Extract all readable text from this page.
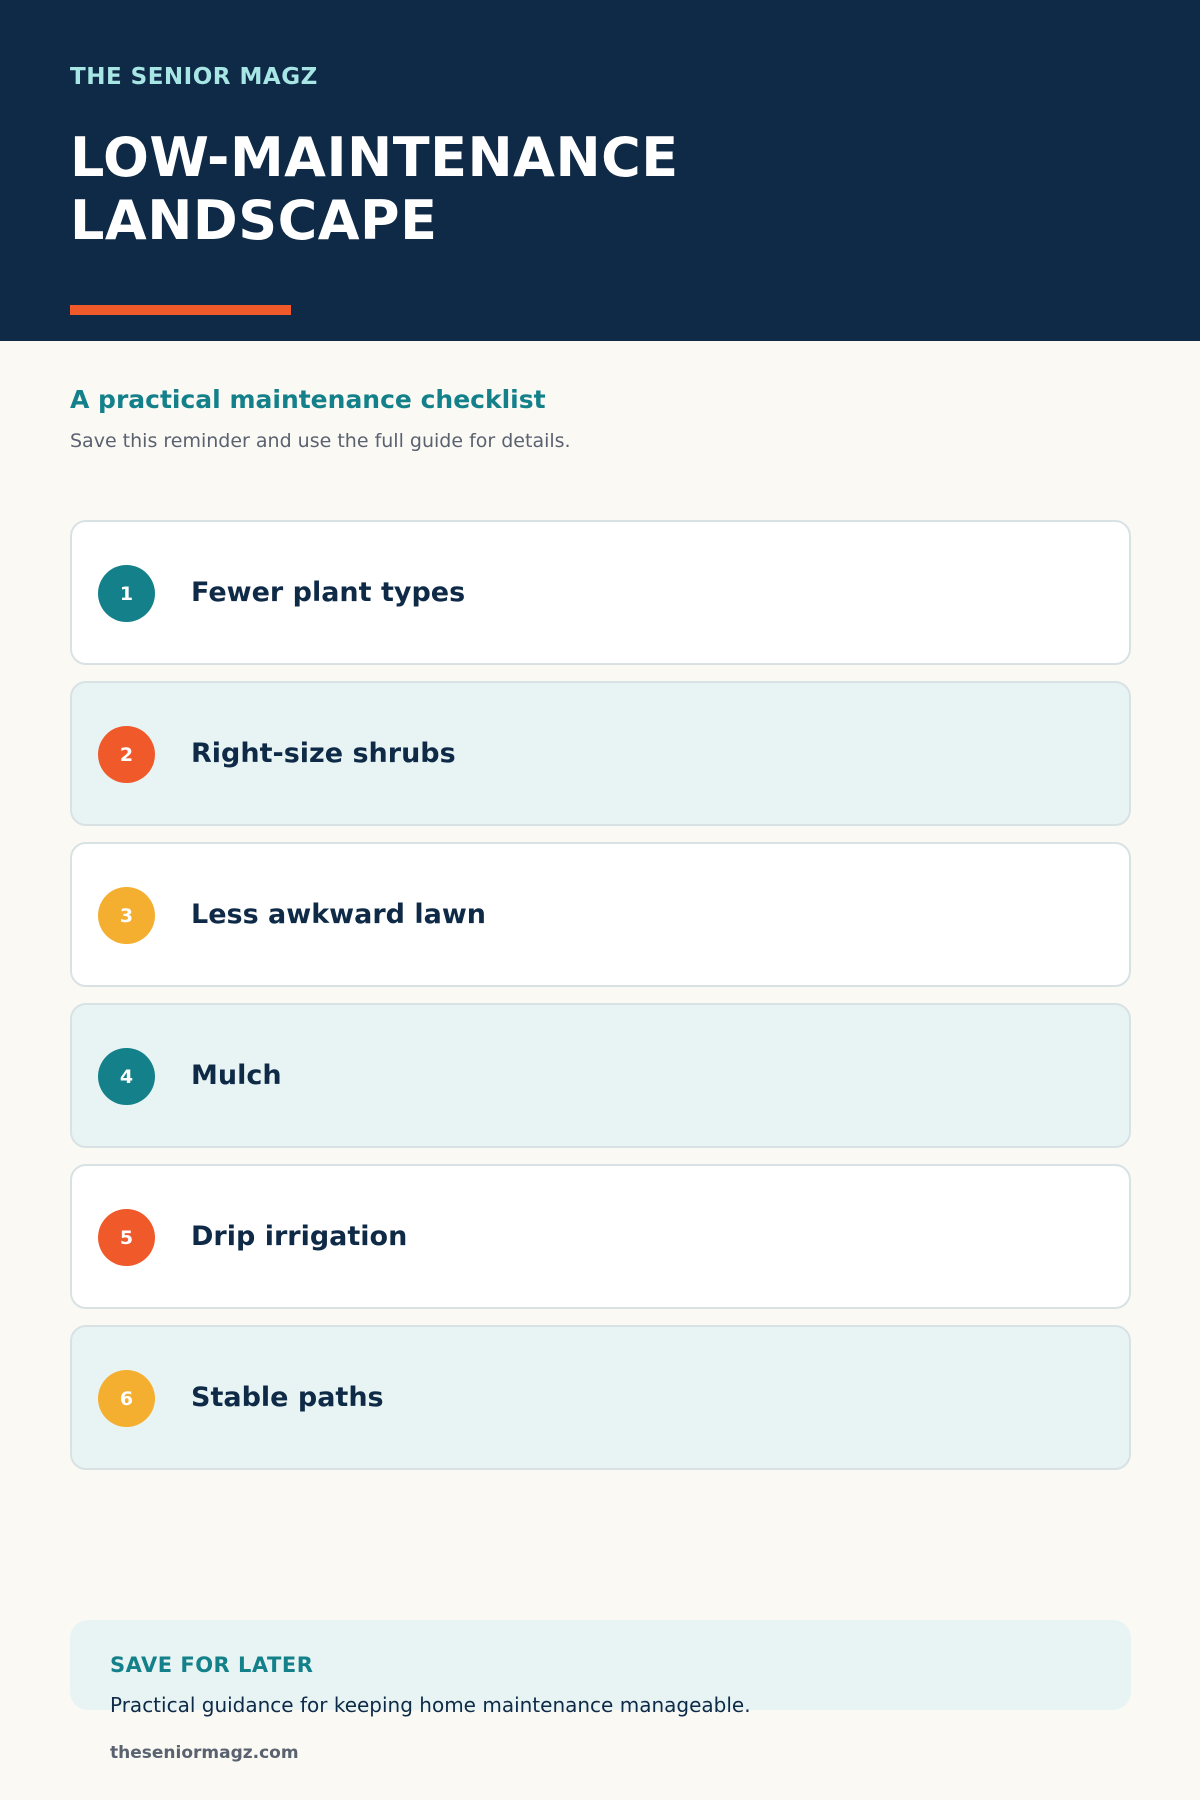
THE SENIOR MAGZ
LOW-MAINTENANCE
LANDSCAPE
A practical maintenance checklist

Save this reminder and use the full guide for details.

1	Fewer plant types
2	Right-size shrubs
3	Less awkward lawn
4	Mulch
5	Drip irrigation
6	Stable paths
SAVE FOR LATER

Practical guidance for keeping home maintenance manageable.

theseniormagz.com
